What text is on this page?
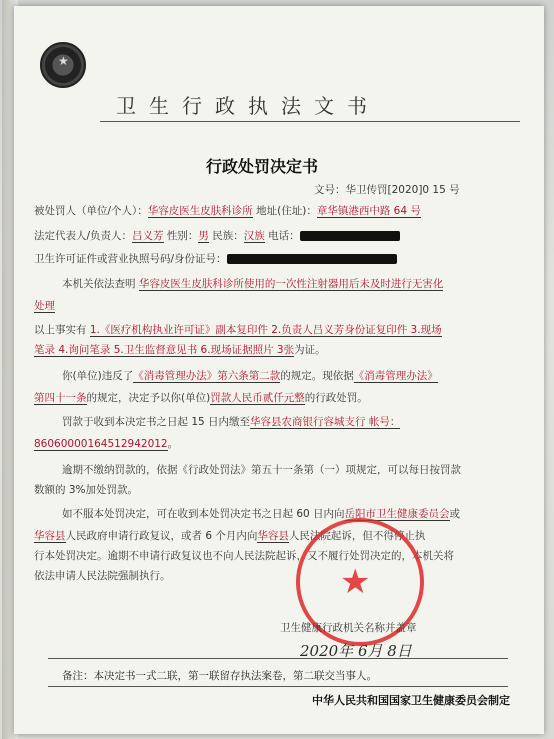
★
卫生行政执法文书
行政处罚决定书
文号：华卫传罚[2020]0 15 号
被处罚人（单位/个人）：华容皮医生皮肤科诊所 地址(住址)：章华镇港西中路 64 号
法定代表人/负责人：吕义芳 性别：男 民族：汉族 电话：
卫生许可证件或营业执照号码/身份证号：
本机关依法查明 华容皮医生皮肤科诊所使用的一次性注射器用后未及时进行无害化
处理
以上事实有 1.《医疗机构执业许可证》副本复印件 2.负责人吕义芳身份证复印件 3.现场
笔录 4.询问笔录 5.卫生监督意见书 6.现场证据照片 3张为证。
你(单位)违反了《消毒管理办法》第六条第二款的规定。现依据《消毒管理办法》
第四十一条的规定，决定予以你(单位)罚款人民币贰仟元整的行政处罚。
罚款于收到本决定书之日起 15 日内缴至华容县农商银行容城支行 帐号：
86060000164512942012。
逾期不缴纳罚款的，依据《行政处罚法》第五十一条第（一）项规定，可以每日按罚款
数额的 3%加处罚款。
如不服本处罚决定，可在收到本处罚决定书之日起 60 日内向岳阳市卫生健康委员会或
华容县人民政府申请行政复议，或者 6 个月内向华容县人民法院起诉，但不得停止执
行本处罚决定。逾期不申请行政复议也不向人民法院起诉，又不履行处罚决定的，本机关将
依法申请人民法院强制执行。	★
卫生健康行政机关名称并盖章
2020年 6月 8日
备注：本决定书一式二联，第一联留存执法案卷，第二联交当事人。
中华人民共和国国家卫生健康委员会制定
